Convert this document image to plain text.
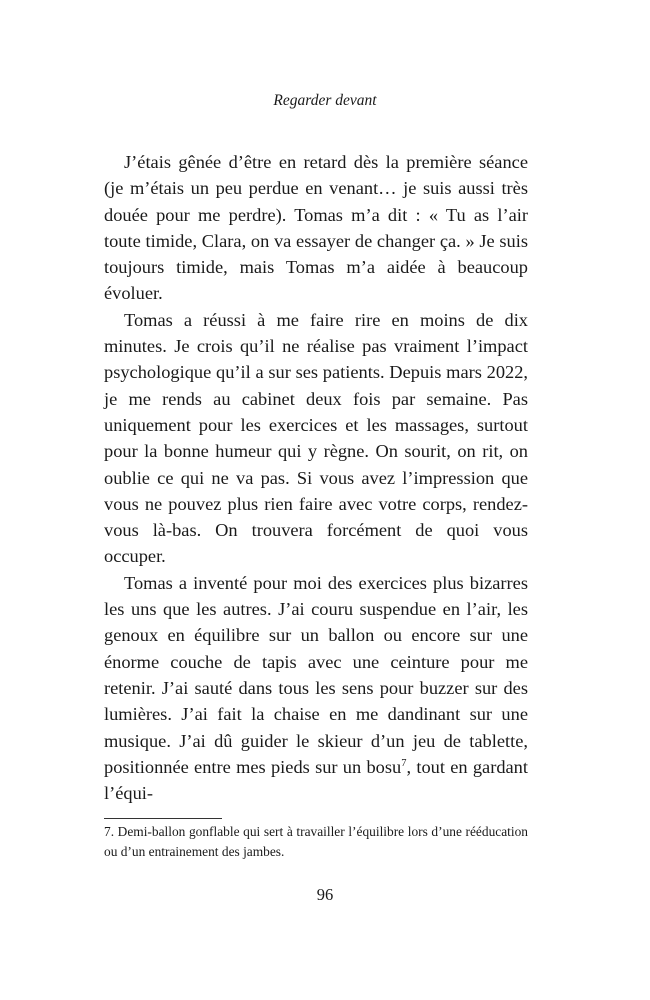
Regarder devant

J’étais gênée d’être en retard dès la première séance (je m’étais un peu perdue en venant… je suis aussi très douée pour me perdre). Tomas m’a dit : « Tu as l’air toute timide, Clara, on va essayer de changer ça. » Je suis toujours timide, mais Tomas m’a aidée à beaucoup évoluer.

Tomas a réussi à me faire rire en moins de dix minutes. Je crois qu’il ne réalise pas vraiment l’impact psychologique qu’il a sur ses patients. Depuis mars 2022, je me rends au cabinet deux fois par semaine. Pas uniquement pour les exercices et les massages, surtout pour la bonne humeur qui y règne. On sourit, on rit, on oublie ce qui ne va pas. Si vous avez l’impression que vous ne pouvez plus rien faire avec votre corps, rendez-vous là-bas. On trouvera forcément de quoi vous occuper.

Tomas a inventé pour moi des exercices plus bizarres les uns que les autres. J’ai couru suspendue en l’air, les genoux en équilibre sur un ballon ou encore sur une énorme couche de tapis avec une ceinture pour me retenir. J’ai sauté dans tous les sens pour buzzer sur des lumières. J’ai fait la chaise en me dandinant sur une musique. J’ai dû guider le skieur d’un jeu de tablette, positionnée entre mes pieds sur un bosu$^7$, tout en gardant l’équi-

7. Demi-ballon gonflable qui sert à travailler l’équilibre lors d’une rééducation ou d’un entrainement des jambes.

96
